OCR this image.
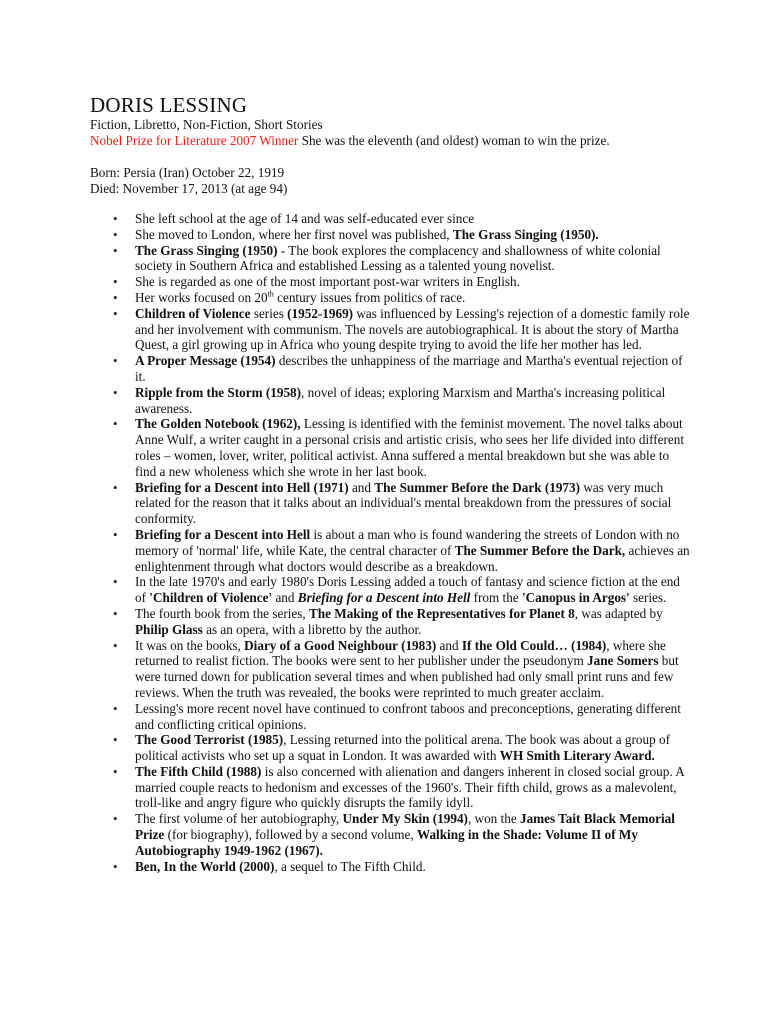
DORIS LESSING

Fiction, Libretto, Non-Fiction, Short Stories

Nobel Prize for Literature 2007 Winner She was the eleventh (and oldest) woman to win the prize.

Born: Persia (Iran) October 22, 1919

Died: November 17, 2013 (at age 94)

• She left school at the age of 14 and was self-educated ever since
• She moved to London, where her first novel was published, The Grass Singing (1950).
• The Grass Singing (1950) - The book explores the complacency and shallowness of white colonial society in Southern Africa and established Lessing as a talented young novelist.
• She is regarded as one of the most important post-war writers in English.
• Her works focused on 20th century issues from politics of race.
• Children of Violence series (1952-1969) was influenced by Lessing's rejection of a domestic family role and her involvement with communism. The novels are autobiographical. It is about the story of Martha Quest, a girl growing up in Africa who young despite trying to avoid the life her mother has led.
• A Proper Message (1954) describes the unhappiness of the marriage and Martha's eventual rejection of it.
• Ripple from the Storm (1958), novel of ideas; exploring Marxism and Martha's increasing political awareness.
• The Golden Notebook (1962), Lessing is identified with the feminist movement. The novel talks about Anne Wulf, a writer caught in a personal crisis and artistic crisis, who sees her life divided into different roles – women, lover, writer, political activist. Anna suffered a mental breakdown but she was able to find a new wholeness which she wrote in her last book.
• Briefing for a Descent into Hell (1971) and The Summer Before the Dark (1973) was very much related for the reason that it talks about an individual's mental breakdown from the pressures of social conformity.
• Briefing for a Descent into Hell is about a man who is found wandering the streets of London with no memory of 'normal' life, while Kate, the central character of The Summer Before the Dark, achieves an enlightenment through what doctors would describe as a breakdown.
• In the late 1970's and early 1980's Doris Lessing added a touch of fantasy and science fiction at the end of 'Children of Violence' and Briefing for a Descent into Hell from the 'Canopus in Argos' series.
• The fourth book from the series, The Making of the Representatives for Planet 8, was adapted by Philip Glass as an opera, with a libretto by the author.
• It was on the books, Diary of a Good Neighbour (1983) and If the Old Could… (1984), where she returned to realist fiction. The books were sent to her publisher under the pseudonym Jane Somers but were turned down for publication several times and when published had only small print runs and few reviews. When the truth was revealed, the books were reprinted to much greater acclaim.
• Lessing's more recent novel have continued to confront taboos and preconceptions, generating different and conflicting critical opinions.
• The Good Terrorist (1985), Lessing returned into the political arena. The book was about a group of political activists who set up a squat in London. It was awarded with WH Smith Literary Award.
• The Fifth Child (1988) is also concerned with alienation and dangers inherent in closed social group. A married couple reacts to hedonism and excesses of the 1960's. Their fifth child, grows as a malevolent, troll-like and angry figure who quickly disrupts the family idyll.
• The first volume of her autobiography, Under My Skin (1994), won the James Tait Black Memorial Prize (for biography), followed by a second volume, Walking in the Shade: Volume II of My Autobiography 1949-1962 (1967).
• Ben, In the World (2000), a sequel to The Fifth Child.
